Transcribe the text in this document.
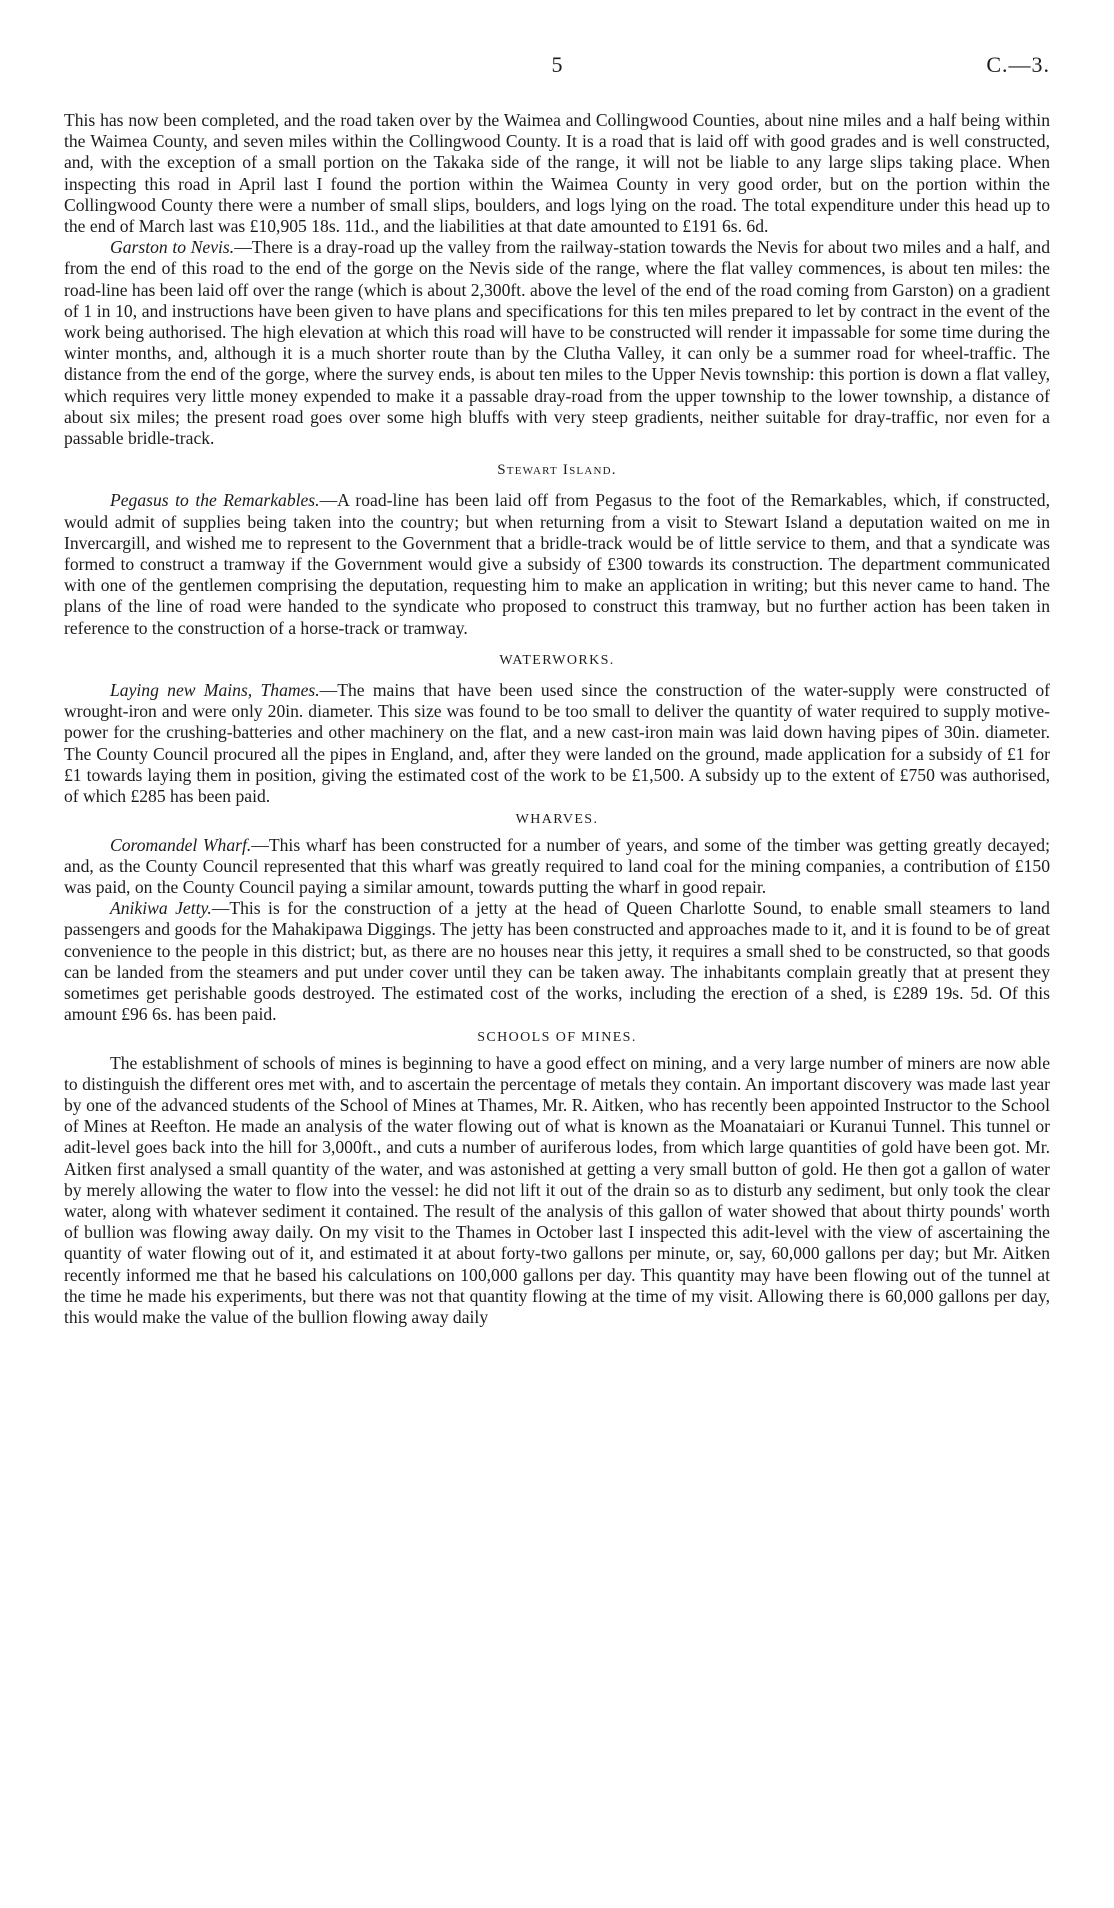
5	C.—3.

This has now been completed, and the road taken over by the Waimea and Collingwood Counties, about nine miles and a half being within the Waimea County, and seven miles within the Collingwood County. It is a road that is laid off with good grades and is well constructed, and, with the exception of a small portion on the Takaka side of the range, it will not be liable to any large slips taking place. When inspecting this road in April last I found the portion within the Waimea County in very good order, but on the portion within the Collingwood County there were a number of small slips, boulders, and logs lying on the road. The total expenditure under this head up to the end of March last was £10,905 18s. 11d., and the liabilities at that date amounted to £191 6s. 6d.

Garston to Nevis.—There is a dray-road up the valley from the railway-station towards the Nevis for about two miles and a half, and from the end of this road to the end of the gorge on the Nevis side of the range, where the flat valley commences, is about ten miles: the road-line has been laid off over the range (which is about 2,300ft. above the level of the end of the road coming from Garston) on a gradient of 1 in 10, and instructions have been given to have plans and specifications for this ten miles prepared to let by contract in the event of the work being authorised. The high elevation at which this road will have to be constructed will render it impassable for some time during the winter months, and, although it is a much shorter route than by the Clutha Valley, it can only be a summer road for wheel-traffic. The distance from the end of the gorge, where the survey ends, is about ten miles to the Upper Nevis township: this portion is down a flat valley, which requires very little money expended to make it a passable dray-road from the upper township to the lower township, a distance of about six miles; the present road goes over some high bluffs with very steep gradients, neither suitable for dray-traffic, nor even for a passable bridle-track.

Stewart Island.

Pegasus to the Remarkables.—A road-line has been laid off from Pegasus to the foot of the Remarkables, which, if constructed, would admit of supplies being taken into the country; but when returning from a visit to Stewart Island a deputation waited on me in Invercargill, and wished me to represent to the Government that a bridle-track would be of little service to them, and that a syndicate was formed to construct a tramway if the Government would give a subsidy of £300 towards its construction. The department communicated with one of the gentlemen comprising the deputation, requesting him to make an application in writing; but this never came to hand. The plans of the line of road were handed to the syndicate who proposed to construct this tramway, but no further action has been taken in reference to the construction of a horse-track or tramway.

WATERWORKS.

Laying new Mains, Thames.—The mains that have been used since the construction of the water-supply were constructed of wrought-iron and were only 20in. diameter. This size was found to be too small to deliver the quantity of water required to supply motive-power for the crushing-batteries and other machinery on the flat, and a new cast-iron main was laid down having pipes of 30in. diameter. The County Council procured all the pipes in England, and, after they were landed on the ground, made application for a subsidy of £1 for £1 towards laying them in position, giving the estimated cost of the work to be £1,500. A subsidy up to the extent of £750 was authorised, of which £285 has been paid.

WHARVES.

Coromandel Wharf.—This wharf has been constructed for a number of years, and some of the timber was getting greatly decayed; and, as the County Council represented that this wharf was greatly required to land coal for the mining companies, a contribution of £150 was paid, on the County Council paying a similar amount, towards putting the wharf in good repair.

Anikiwa Jetty.—This is for the construction of a jetty at the head of Queen Charlotte Sound, to enable small steamers to land passengers and goods for the Mahakipawa Diggings. The jetty has been constructed and approaches made to it, and it is found to be of great convenience to the people in this district; but, as there are no houses near this jetty, it requires a small shed to be constructed, so that goods can be landed from the steamers and put under cover until they can be taken away. The inhabitants complain greatly that at present they sometimes get perishable goods destroyed. The estimated cost of the works, including the erection of a shed, is £289 19s. 5d. Of this amount £96 6s. has been paid.

SCHOOLS OF MINES.

The establishment of schools of mines is beginning to have a good effect on mining, and a very large number of miners are now able to distinguish the different ores met with, and to ascertain the percentage of metals they contain. An important discovery was made last year by one of the advanced students of the School of Mines at Thames, Mr. R. Aitken, who has recently been appointed Instructor to the School of Mines at Reefton. He made an analysis of the water flowing out of what is known as the Moanataiari or Kuranui Tunnel. This tunnel or adit-level goes back into the hill for 3,000ft., and cuts a number of auriferous lodes, from which large quantities of gold have been got. Mr. Aitken first analysed a small quantity of the water, and was astonished at getting a very small button of gold. He then got a gallon of water by merely allowing the water to flow into the vessel: he did not lift it out of the drain so as to disturb any sediment, but only took the clear water, along with whatever sediment it contained. The result of the analysis of this gallon of water showed that about thirty pounds' worth of bullion was flowing away daily. On my visit to the Thames in October last I inspected this adit-level with the view of ascertaining the quantity of water flowing out of it, and estimated it at about forty-two gallons per minute, or, say, 60,000 gallons per day; but Mr. Aitken recently informed me that he based his calculations on 100,000 gallons per day. This quantity may have been flowing out of the tunnel at the time he made his experiments, but there was not that quantity flowing at the time of my visit. Allowing there is 60,000 gallons per day, this would make the value of the bullion flowing away daily
